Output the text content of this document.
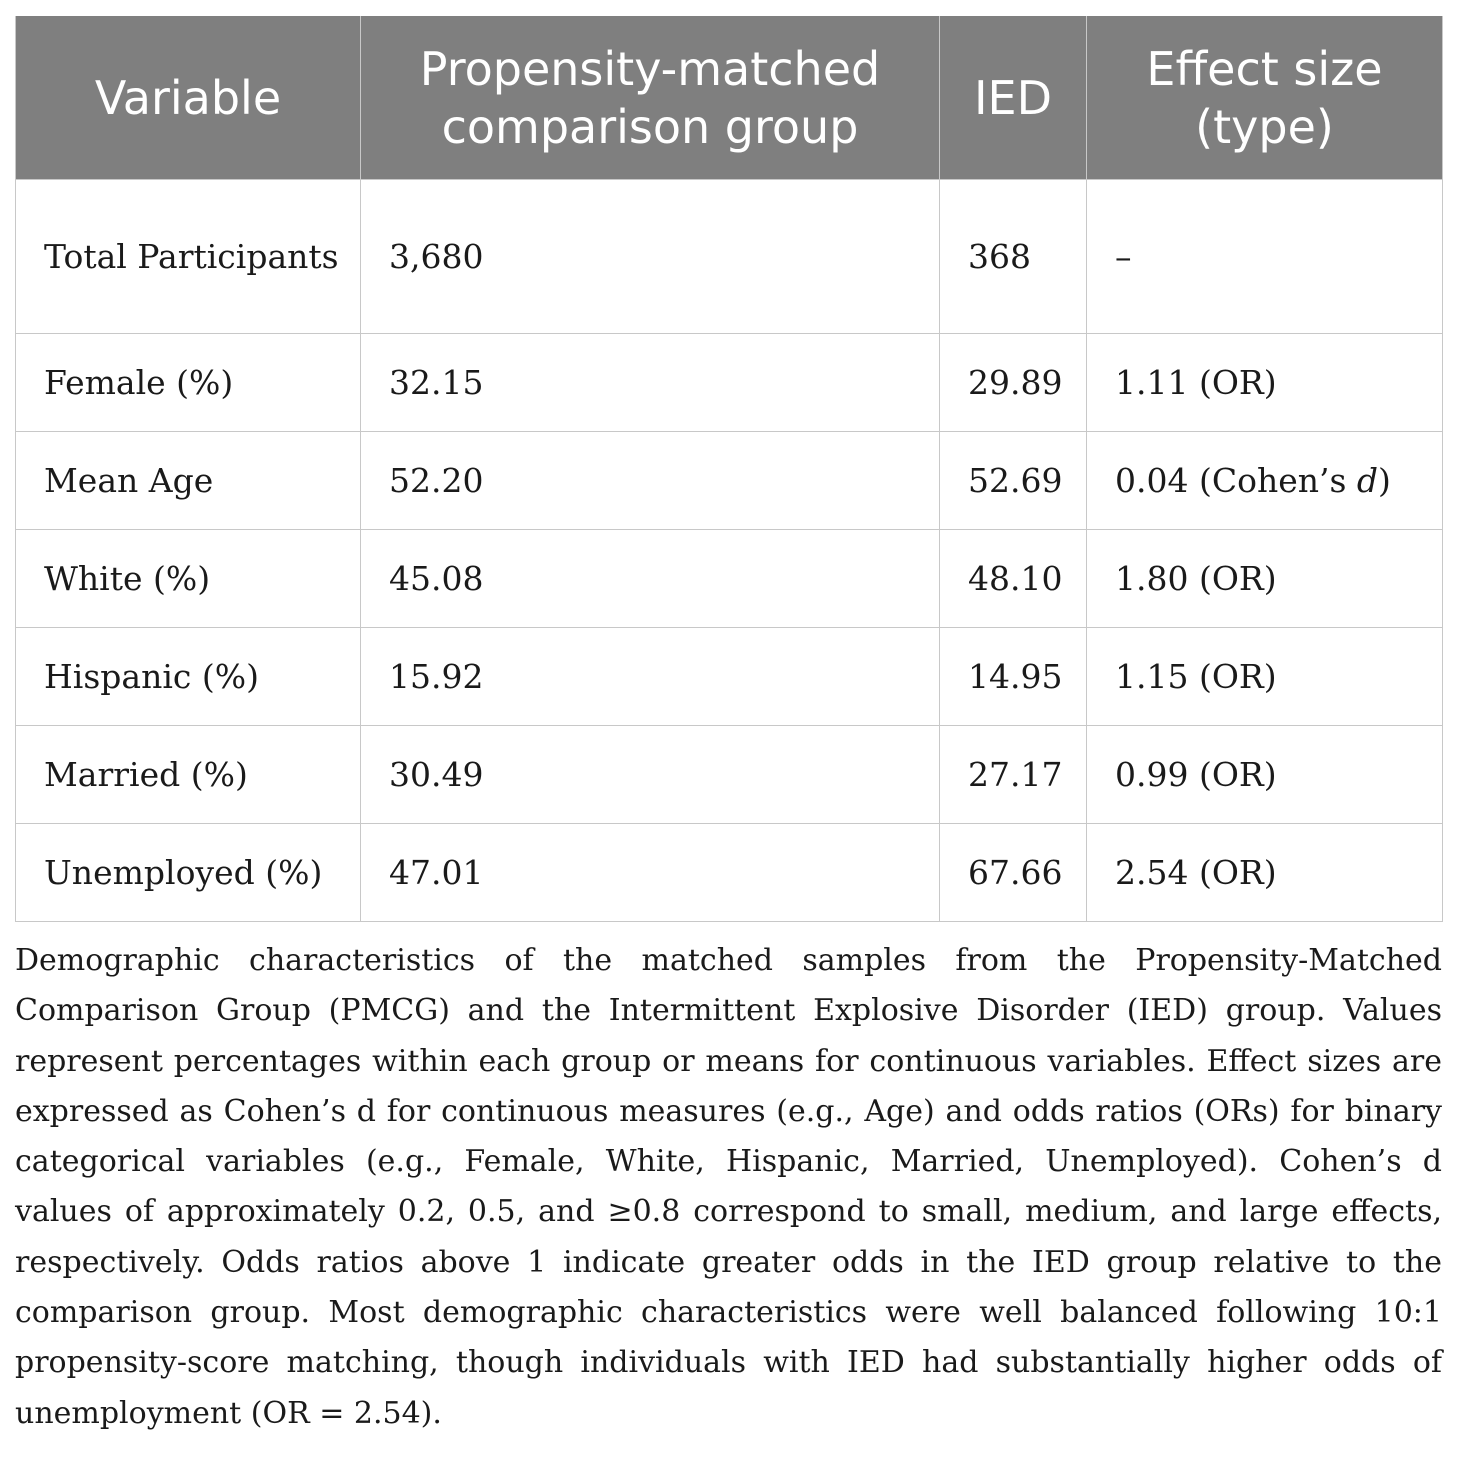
Variable	Propensity-matched comparison group	IED	Effect size (type)
Total Participants	3,680	368	–
Female (%)	32.15	29.89	1.11 (OR)
Mean Age	52.20	52.69	0.04 (Cohen’s d)
White (%)	45.08	48.10	1.80 (OR)
Hispanic (%)	15.92	14.95	1.15 (OR)
Married (%)	30.49	27.17	0.99 (OR)
Unemployed (%)	47.01	67.66	2.54 (OR)

Demographic characteristics of the matched samples from the Propensity-Matched Comparison Group (PMCG) and the Intermittent Explosive Disorder (IED) group. Values represent percentages within each group or means for continuous variables. Effect sizes are expressed as Cohen’s d for continuous measures (e.g., Age) and odds ratios (ORs) for binary categorical variables (e.g., Female, White, Hispanic, Married, Unemployed). Cohen’s d values of approximately 0.2, 0.5, and ≥0.8 correspond to small, medium, and large effects, respectively. Odds ratios above 1 indicate greater odds in the IED group relative to the comparison group. Most demographic characteristics were well balanced following 10:1 propensity-score matching, though individuals with IED had substantially higher odds of unemployment (OR = 2.54).
